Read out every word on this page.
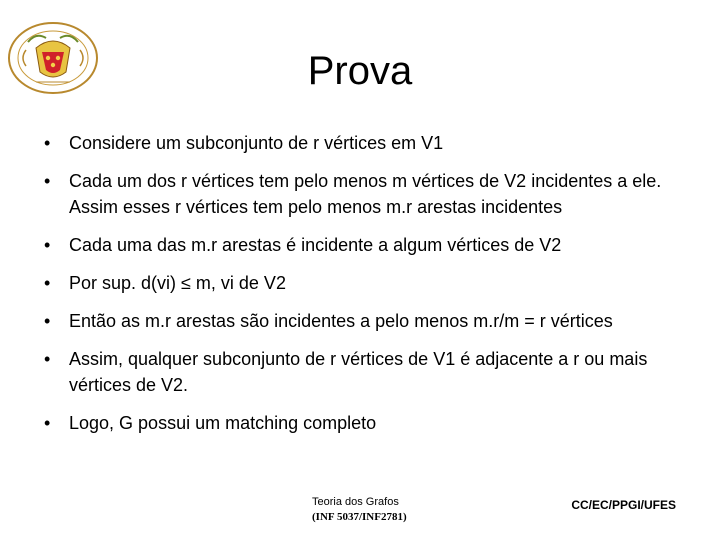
Prova
• Considere um subconjunto de r vértices em V1
• Cada um dos r vértices tem pelo menos m vértices de V2 incidentes a ele. Assim esses r vértices tem pelo menos m.r arestas incidentes
• Cada uma das m.r arestas é incidente a algum vértices de V2
• Por sup. d(vi) ≤ m, vi de V2
• Então as m.r arestas são incidentes a pelo menos m.r/m = r vértices
• Assim, qualquer subconjunto de r vértices de V1 é adjacente a r ou mais vértices de V2.
• Logo, G possui um matching completo
Teoria dos Grafos
(INF 5037/INF2781)
CC/EC/PPGI/UFES
